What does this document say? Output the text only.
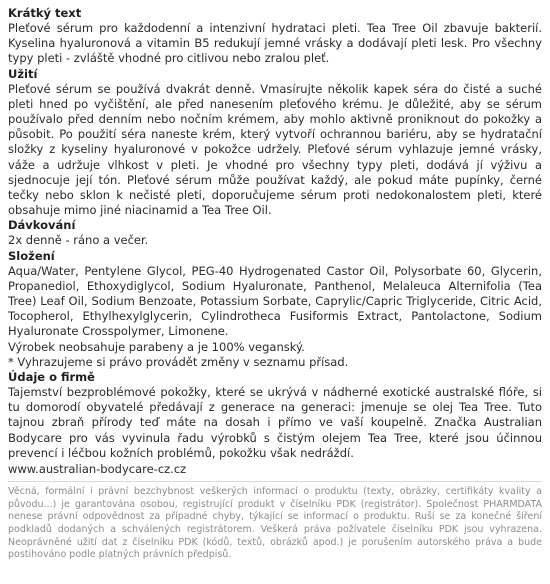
Krátký text
Pleťové sérum pro každodenní a intenzivní hydrataci pleti. Tea Tree Oil zbavuje bakterií. Kyselina hyaluronová a vitamin B5 redukují jemné vrásky a dodávají pleti lesk. Pro všechny typy pleti - zvláště vhodné pro citlivou nebo zralou pleť.
Užití
Pleťové sérum se používá dvakrát denně. Vmasírujte několik kapek séra do čisté a suché pleti hned po vyčištění, ale před nanesením pleťového krému. Je důležité, aby se sérum používalo před denním nebo nočním krémem, aby mohlo aktivně proniknout do pokožky a působit. Po použití séra naneste krém, který vytvoří ochrannou bariéru, aby se hydratační složky z kyseliny hyaluronové v pokožce udržely. Pleťové sérum vyhlazuje jemné vrásky, váže a udržuje vlhkost v pleti. Je vhodné pro všechny typy pleti, dodává jí výživu a sjednocuje její tón. Pleťové sérum může používat každý, ale pokud máte pupínky, černé tečky nebo sklon k nečisté pleti, doporučujeme sérum proti nedokonalostem pleti, které obsahuje mimo jiné niacinamid a Tea Tree Oil.
Dávkování
2x denně - ráno a večer.
Složení
Aqua/Water, Pentylene Glycol, PEG-40 Hydrogenated Castor Oil, Polysorbate 60, Glycerin, Propanediol, Ethoxydiglycol, Sodium Hyaluronate, Panthenol, Melaleuca Alternifolia (Tea Tree) Leaf Oil, Sodium Benzoate, Potassium Sorbate, Caprylic/Capric Triglyceride, Citric Acid, Tocopherol, Ethylhexylglycerin, Cylindrotheca Fusiformis Extract, Pantolactone, Sodium Hyaluronate Crosspolymer, Limonene.
Výrobek neobsahuje parabeny a je 100% veganský.
* Vyhrazujeme si právo provádět změny v seznamu přísad.
Údaje o firmě
Tajemství bezproblémové pokožky, které se ukrývá v nádherné exotické australské flóře, si tu domorodí obyvatelé předávají z generace na generaci: jmenuje se olej Tea Tree. Tuto tajnou zbraň přírody teď máte na dosah i přímo ve vaší koupelně. Značka Australian Bodycare pro vás vyvinula řadu výrobků s čistým olejem Tea Tree, které jsou účinnou prevencí i léčbou kožních problémů, pokožku však nedráždí.
www.australian-bodycare-cz.cz
Věcná, formální i právní bezchybnost veškerých informací o produktu (texty, obrázky, certifikáty kvality a původu...) je garantována osobou, registrující produkt v číselníku PDK (registrátor). Společnost PHARMDATA nenese právní odpovědnost za případné chyby, týkající se informací o produktu. Ruší se za konečné šíření podkladů dodaných a schválených registrátorem. Veškerá práva požívatele číselníku PDK jsou vyhrazena. Neoprávněné užití dat z číselníku PDK (kódů, textů, obrázků apod.) je porušením autorského práva a bude postihováno podle platných právních předpisů.
